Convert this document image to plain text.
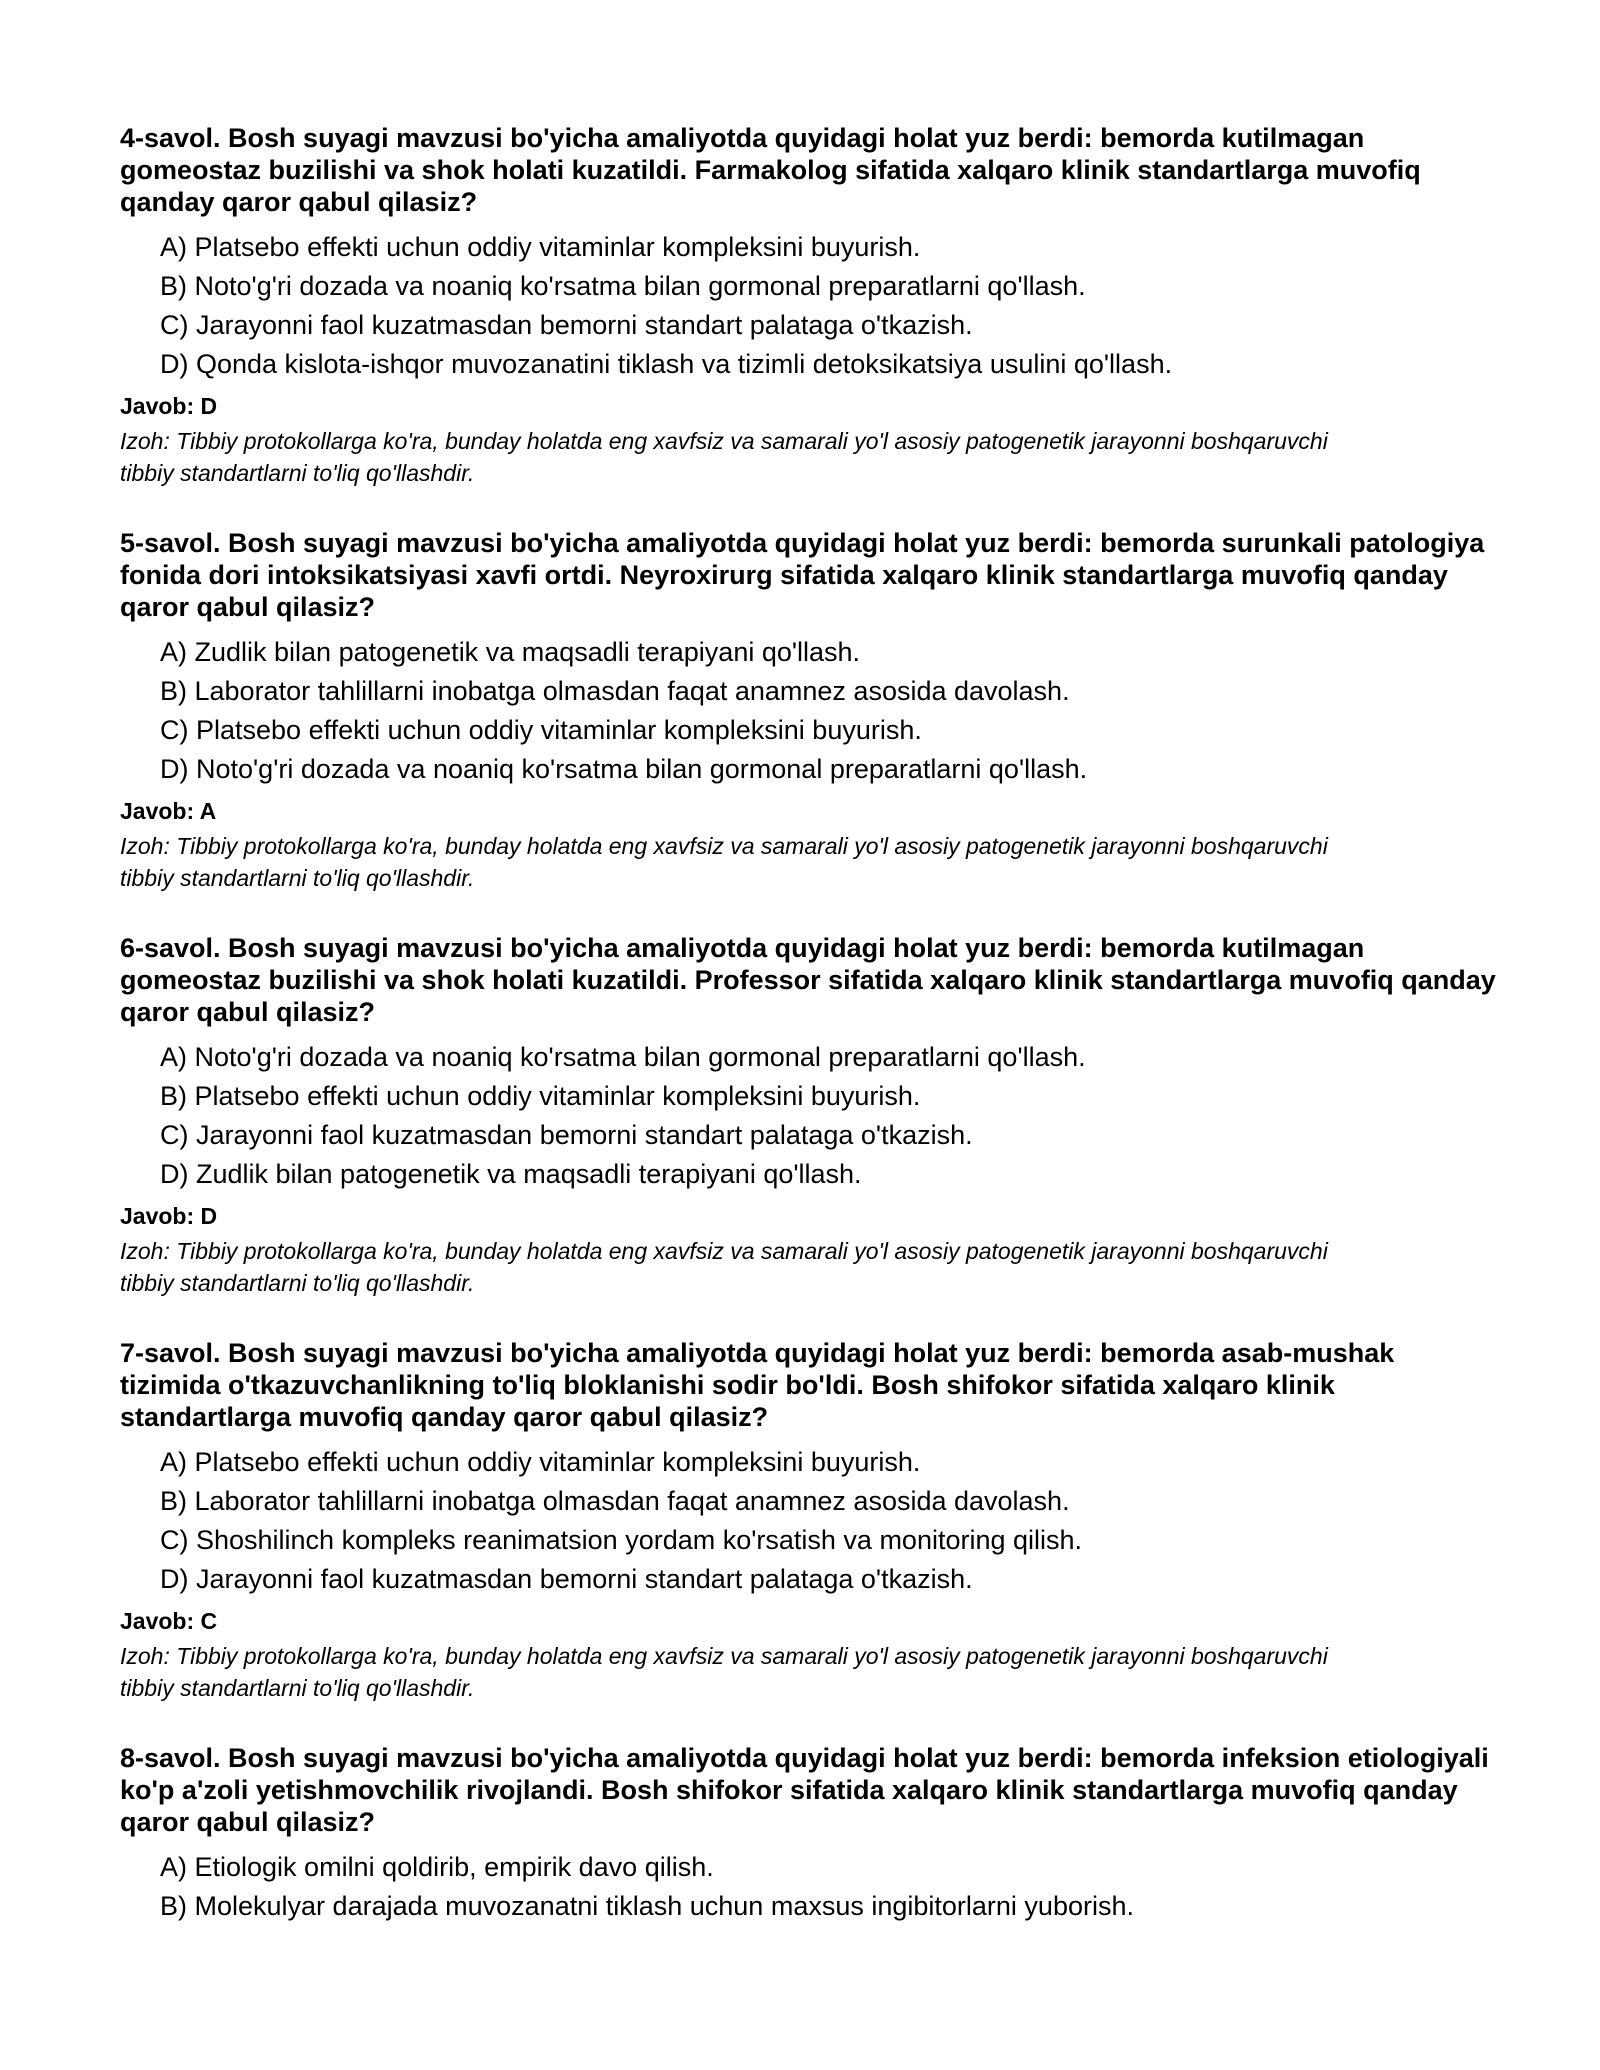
4-savol. Bosh suyagi mavzusi bo'yicha amaliyotda quyidagi holat yuz berdi: bemorda kutilmagan gomeostaz buzilishi va shok holati kuzatildi. Farmakolog sifatida xalqaro klinik standartlarga muvofiq qanday qaror qabul qilasiz?
A) Platsebo effekti uchun oddiy vitaminlar kompleksini buyurish.
B) Noto'g'ri dozada va noaniq ko'rsatma bilan gormonal preparatlarni qo'llash.
C) Jarayonni faol kuzatmasdan bemorni standart palataga o'tkazish.
D) Qonda kislota-ishqor muvozanatini tiklash va tizimli detoksikatsiya usulini qo'llash.
Javob: D
Izoh: Tibbiy protokollarga ko'ra, bunday holatda eng xavfsiz va samarali yo'l asosiy patogenetik jarayonni boshqaruvchi tibbiy standartlarni to'liq qo'llashdir.
5-savol. Bosh suyagi mavzusi bo'yicha amaliyotda quyidagi holat yuz berdi: bemorda surunkali patologiya fonida dori intoksikatsiyasi xavfi ortdi. Neyroxirurg sifatida xalqaro klinik standartlarga muvofiq qanday qaror qabul qilasiz?
A) Zudlik bilan patogenetik va maqsadli terapiyani qo'llash.
B) Laborator tahlillarni inobatga olmasdan faqat anamnez asosida davolash.
C) Platsebo effekti uchun oddiy vitaminlar kompleksini buyurish.
D) Noto'g'ri dozada va noaniq ko'rsatma bilan gormonal preparatlarni qo'llash.
Javob: A
Izoh: Tibbiy protokollarga ko'ra, bunday holatda eng xavfsiz va samarali yo'l asosiy patogenetik jarayonni boshqaruvchi tibbiy standartlarni to'liq qo'llashdir.
6-savol. Bosh suyagi mavzusi bo'yicha amaliyotda quyidagi holat yuz berdi: bemorda kutilmagan gomeostaz buzilishi va shok holati kuzatildi. Professor sifatida xalqaro klinik standartlarga muvofiq qanday qaror qabul qilasiz?
A) Noto'g'ri dozada va noaniq ko'rsatma bilan gormonal preparatlarni qo'llash.
B) Platsebo effekti uchun oddiy vitaminlar kompleksini buyurish.
C) Jarayonni faol kuzatmasdan bemorni standart palataga o'tkazish.
D) Zudlik bilan patogenetik va maqsadli terapiyani qo'llash.
Javob: D
Izoh: Tibbiy protokollarga ko'ra, bunday holatda eng xavfsiz va samarali yo'l asosiy patogenetik jarayonni boshqaruvchi tibbiy standartlarni to'liq qo'llashdir.
7-savol. Bosh suyagi mavzusi bo'yicha amaliyotda quyidagi holat yuz berdi: bemorda asab-mushak tizimida o'tkazuvchanlikning to'liq bloklanishi sodir bo'ldi. Bosh shifokor sifatida xalqaro klinik standartlarga muvofiq qanday qaror qabul qilasiz?
A) Platsebo effekti uchun oddiy vitaminlar kompleksini buyurish.
B) Laborator tahlillarni inobatga olmasdan faqat anamnez asosida davolash.
C) Shoshilinch kompleks reanimatsion yordam ko'rsatish va monitoring qilish.
D) Jarayonni faol kuzatmasdan bemorni standart palataga o'tkazish.
Javob: C
Izoh: Tibbiy protokollarga ko'ra, bunday holatda eng xavfsiz va samarali yo'l asosiy patogenetik jarayonni boshqaruvchi tibbiy standartlarni to'liq qo'llashdir.
8-savol. Bosh suyagi mavzusi bo'yicha amaliyotda quyidagi holat yuz berdi: bemorda infeksion etiologiyali ko'p a'zoli yetishmovchilik rivojlandi. Bosh shifokor sifatida xalqaro klinik standartlarga muvofiq qanday qaror qabul qilasiz?
A) Etiologik omilni qoldirib, empirik davo qilish.
B) Molekulyar darajada muvozanatni tiklash uchun maxsus ingibitorlarni yuborish.
